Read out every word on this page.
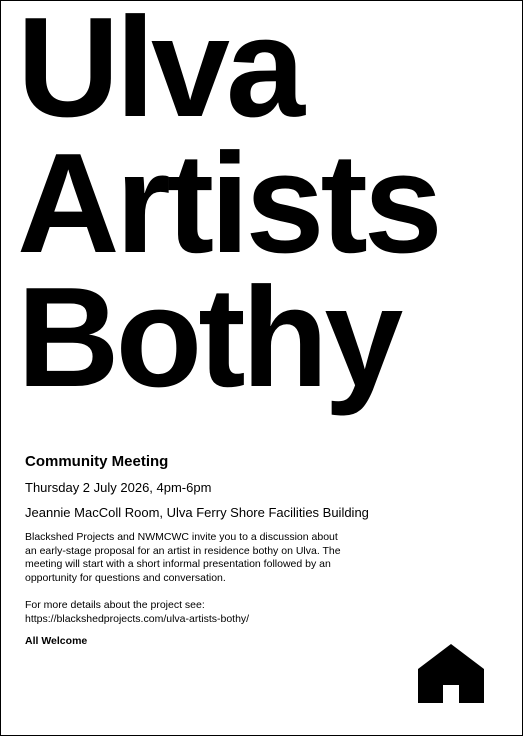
Ulva
Artists
Bothy
Community Meeting

Thursday 2 July 2026, 4pm-6pm

Jeannie MacColl Room, Ulva Ferry Shore Facilities Building

Blackshed Projects and NWMCWC invite you to a discussion about
an early-stage proposal for an artist in residence bothy on Ulva. The
meeting will start with a short informal presentation followed by an
opportunity for questions and conversation.

For more details about the project see:
https://blackshedprojects.com/ulva-artists-bothy/

All Welcome
